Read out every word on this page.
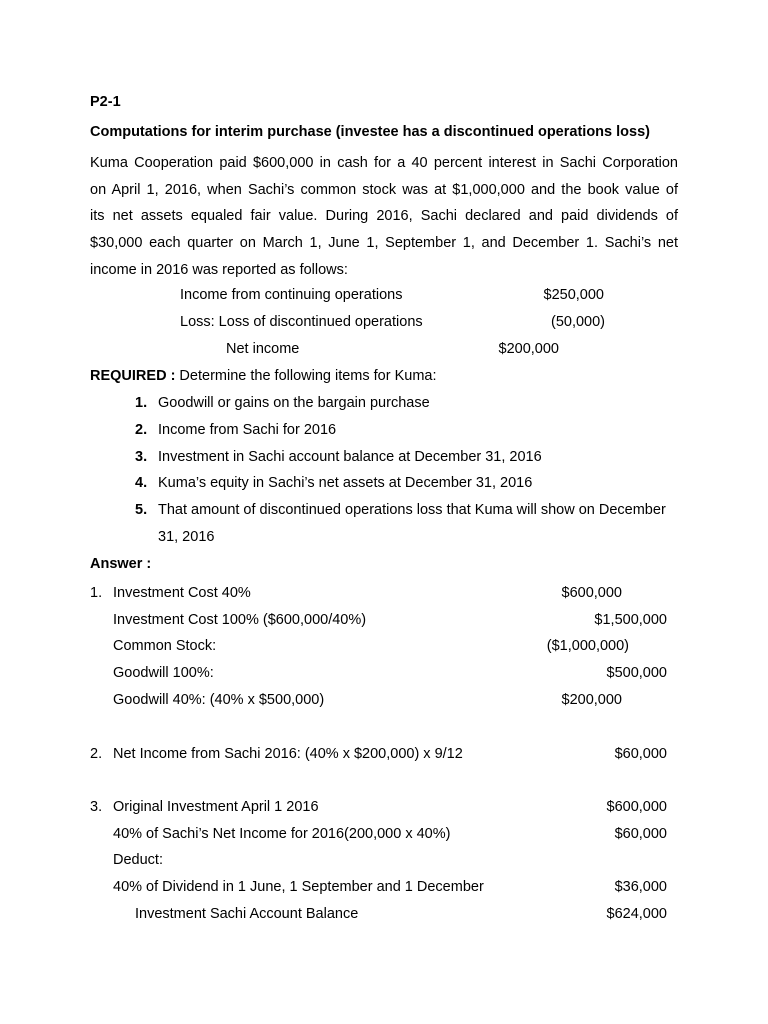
P2-1
Computations for interim purchase (investee has a discontinued operations loss)
Kuma Cooperation paid $600,000 in cash for a 40 percent interest in Sachi Corporation
on April 1, 2016, when Sachi’s common stock was at $1,000,000 and the book value of
its net assets equaled fair value. During 2016, Sachi declared and paid dividends of
$30,000 each quarter on March 1, June 1, September 1, and December 1. Sachi’s net
income in 2016 was reported as follows:
Income from continuing operations	$250,000
Loss: Loss of discontinued operations	(50,000)
Net income	$200,000
REQUIRED : Determine the following items for Kuma:
1. Goodwill or gains on the bargain purchase
2. Income from Sachi for 2016
3. Investment in Sachi account balance at December 31, 2016
4. Kuma’s equity in Sachi’s net assets at December 31, 2016
5. That amount of discontinued operations loss that Kuma will show on December
31, 2016
Answer :
1. Investment Cost 40%	$600,000
Investment Cost 100% ($600,000/40%)	$1,500,000
Common Stock:	($1,000,000)
Goodwill 100%:	$500,000
Goodwill 40%: (40% x $500,000)	$200,000
2. Net Income from Sachi 2016: (40% x $200,000) x 9/12	$60,000
3. Original Investment April 1 2016	$600,000
40% of Sachi’s Net Income for 2016(200,000 x 40%)	$60,000
Deduct:
40% of Dividend in 1 June, 1 September and 1 December	$36,000
Investment Sachi Account Balance	$624,000
